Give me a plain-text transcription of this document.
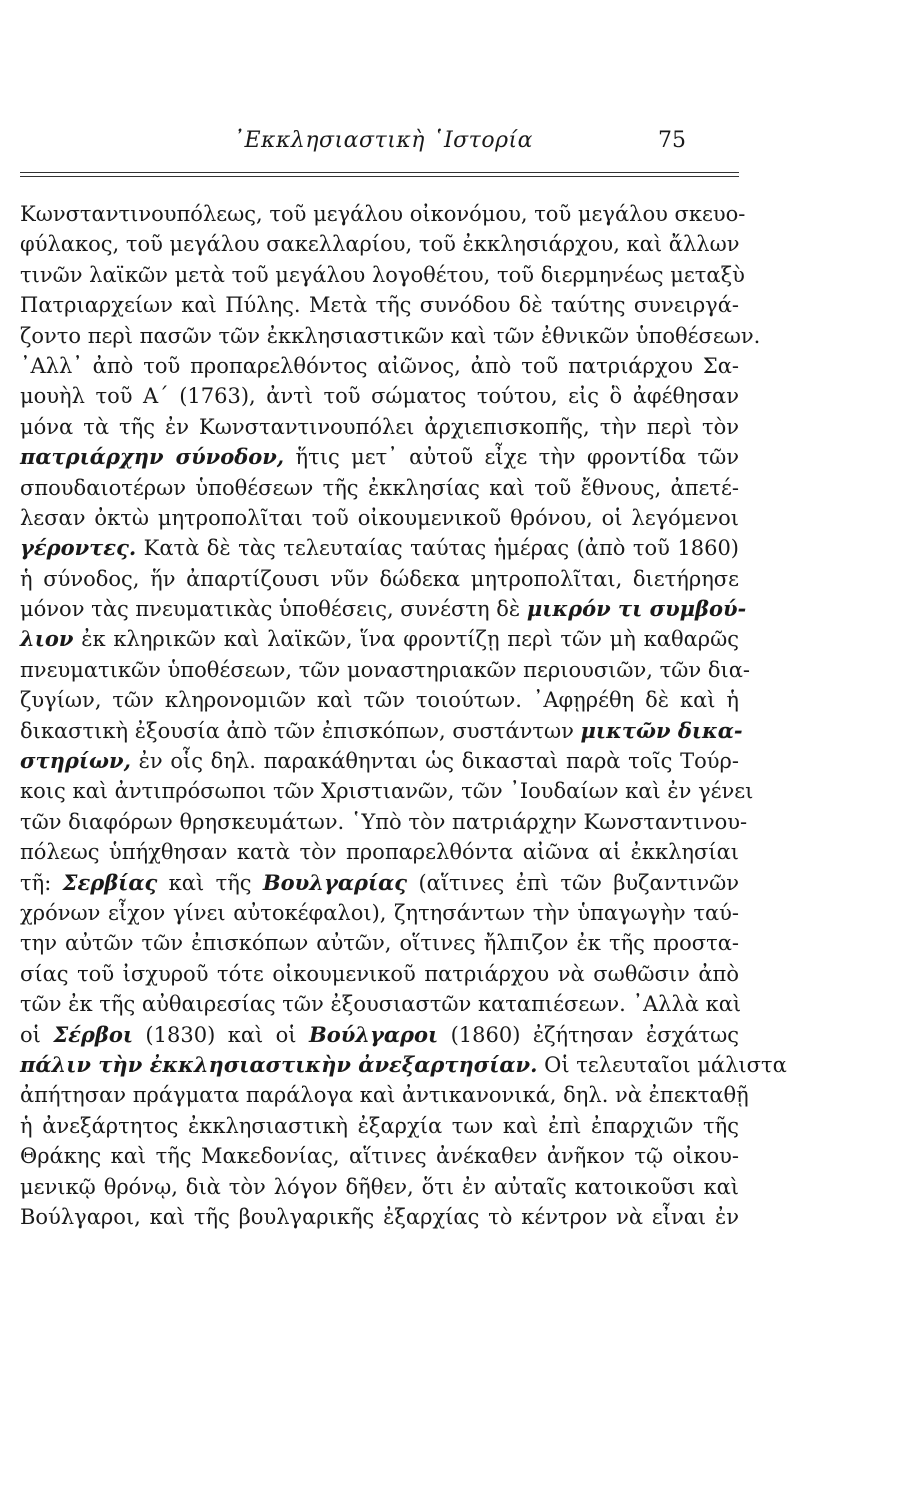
᾿Εκκλησιαστικὴ ῾Ιστορία	75
Κωνσταντινουπόλεως, τοῦ μεγάλου οἰκονόμου, τοῦ μεγάλου σκευο-
φύλακος, τοῦ μεγάλου σακελλαρίου, τοῦ ἐκκλησιάρχου, καὶ ἄλλων
τινῶν λαϊκῶν μετὰ τοῦ μεγάλου λογοθέτου, τοῦ διερμηνέως μεταξὺ
Πατριαρχείων καὶ Πύλης. Μετὰ τῆς συνόδου δὲ ταύτης συνειργά-
ζοντο περὶ πασῶν τῶν ἐκκλησιαστικῶν καὶ τῶν ἐθνικῶν ὑποθέσεων.
᾿Αλλ᾿ ἀπὸ τοῦ προπαρελθόντος αἰῶνος, ἀπὸ τοῦ πατριάρχου Σα-
μουὴλ τοῦ Α΄ (1763), ἀντὶ τοῦ σώματος τούτου, εἰς ὃ ἀφέθησαν
μόνα τὰ τῆς ἐν Κωνσταντινουπόλει ἀρχιεπισκοπῆς, τὴν περὶ τὸν
πατριάρχην σύνοδον, ἥτις μετ᾿ αὐτοῦ εἶχε τὴν φροντίδα τῶν
σπουδαιοτέρων ὑποθέσεων τῆς ἐκκλησίας καὶ τοῦ ἔθνους, ἀπετέ-
λεσαν ὀκτὼ μητροπολῖται τοῦ οἰκουμενικοῦ θρόνου, οἱ λεγόμενοι
γέροντες. Κατὰ δὲ τὰς τελευταίας ταύτας ἡμέρας (ἀπὸ τοῦ 1860)
ἡ σύνοδος, ἥν ἀπαρτίζουσι νῦν δώδεκα μητροπολῖται, διετήρησε
μόνον τὰς πνευματικὰς ὑποθέσεις, συνέστη δὲ μικρόν τι συμβού-
λιον ἐκ κληρικῶν καὶ λαϊκῶν, ἵνα φροντίζῃ περὶ τῶν μὴ καθαρῶς
πνευματικῶν ὑποθέσεων, τῶν μοναστηριακῶν περιουσιῶν, τῶν δια-
ζυγίων, τῶν κληρονομιῶν καὶ τῶν τοιούτων. ᾿Αφῃρέθη δὲ καὶ ἡ
δικαστικὴ ἐξουσία ἀπὸ τῶν ἐπισκόπων, συστάντων μικτῶν δικα-
στηρίων, ἐν οἷς δηλ. παρακάθηνται ὡς δικασταὶ παρὰ τοῖς Τούρ-
κοις καὶ ἀντιπρόσωποι τῶν Χριστιανῶν, τῶν ᾿Ιουδαίων καὶ ἐν γένει
τῶν διαφόρων θρησκευμάτων. ῾Υπὸ τὸν πατριάρχην Κωνσταντινου-
πόλεως ὑπήχθησαν κατὰ τὸν προπαρελθόντα αἰῶνα αἱ ἐκκλησίαι
τῆ: Σερβίας καὶ τῆς Βουλγαρίας (αἵτινες ἐπὶ τῶν βυζαντινῶν
χρόνων εἶχον γίνει αὐτοκέφαλοι), ζητησάντων τὴν ὑπαγωγὴν ταύ-
την αὐτῶν τῶν ἐπισκόπων αὐτῶν, οἵτινες ἤλπιζον ἐκ τῆς προστα-
σίας τοῦ ἰσχυροῦ τότε οἰκουμενικοῦ πατριάρχου νὰ σωθῶσιν ἀπὸ
τῶν ἐκ τῆς αὐθαιρεσίας τῶν ἐξουσιαστῶν καταπιέσεων. ᾿Αλλὰ καὶ
οἱ Σέρβοι (1830) καὶ οἱ Βούλγαροι (1860) ἐζήτησαν ἐσχάτως
πάλιν τὴν ἐκκλησιαστικὴν ἀνεξαρτησίαν. Οἱ τελευταῖοι μάλιστα
ἀπήτησαν πράγματα παράλογα καὶ ἀντικανονικά, δηλ. νὰ ἐπεκταθῇ
ἡ ἀνεξάρτητος ἐκκλησιαστικὴ ἐξαρχία των καὶ ἐπὶ ἐπαρχιῶν τῆς
Θράκης καὶ τῆς Μακεδονίας, αἵτινες ἀνέκαθεν ἀνῆκον τῷ οἰκου-
μενικῷ θρόνῳ, διὰ τὸν λόγον δῆθεν, ὅτι ἐν αὐταῖς κατοικοῦσι καὶ
Βούλγαροι, καὶ τῆς βουλγαρικῆς ἐξαρχίας τὸ κέντρον νὰ εἶναι ἐν
